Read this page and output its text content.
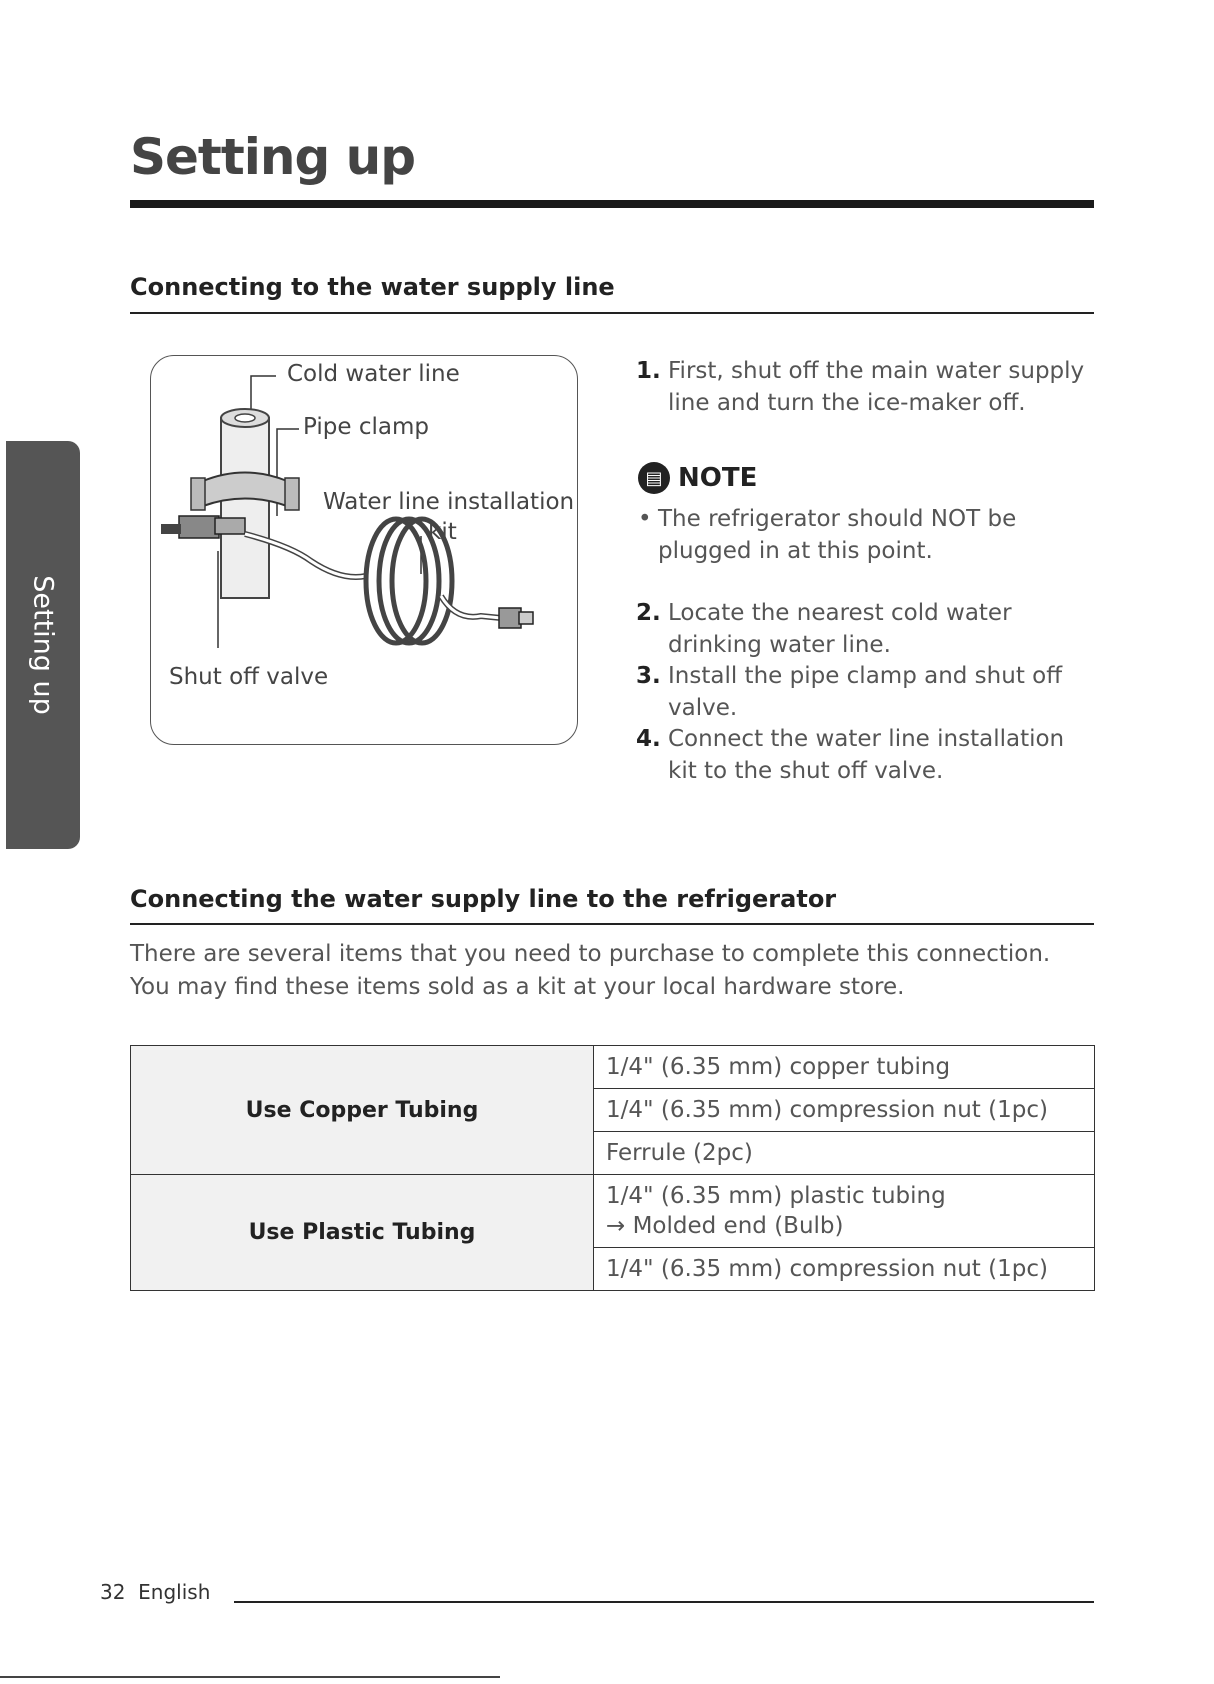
Setting up
Setting up
Connecting to the water supply line
Cold water line
Pipe clamp
Water line installation
kit
Shut off valve
1. First, shut off the main water supply line and turn the ice-maker off.
▤ NOTE
• The refrigerator should NOT be plugged in at this point.
2. Locate the nearest cold water drinking water line.
3. Install the pipe clamp and shut off valve.
4. Connect the water line installation kit to the shut off valve.
Connecting the water supply line to the refrigerator
There are several items that you need to purchase to complete this connection.
You may find these items sold as a kit at your local hardware store.
Use Copper Tubing	1/4" (6.35 mm) copper tubing
	1/4" (6.35 mm) compression nut (1pc)
	Ferrule (2pc)
Use Plastic Tubing	1/4" (6.35 mm) plastic tubing
→ Molded end (Bulb)

	1/4" (6.35 mm) compression nut (1pc)
32 English
